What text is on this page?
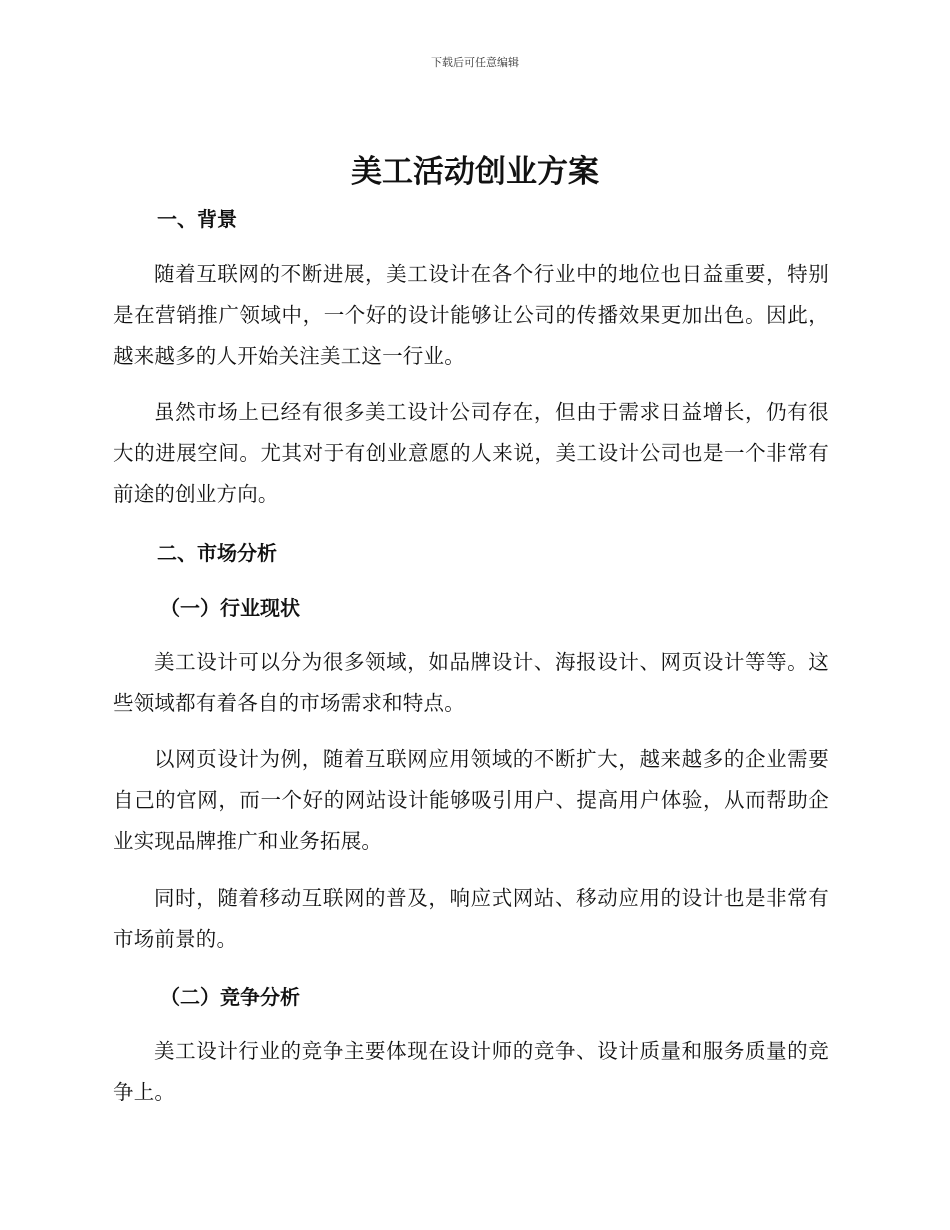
下载后可任意编辑
美工活动创业方案
一、背景

随着互联网的不断进展，美工设计在各个行业中的地位也日益重要，特别是在营销推广领域中，一个好的设计能够让公司的传播效果更加出色。因此，越来越多的人开始关注美工这一行业。

虽然市场上已经有很多美工设计公司存在，但由于需求日益增长，仍有很大的进展空间。尤其对于有创业意愿的人来说，美工设计公司也是一个非常有前途的创业方向。

二、市场分析
（一）行业现状

美工设计可以分为很多领域，如品牌设计、海报设计、网页设计等等。这些领域都有着各自的市场需求和特点。

以网页设计为例，随着互联网应用领域的不断扩大，越来越多的企业需要自己的官网，而一个好的网站设计能够吸引用户、提高用户体验，从而帮助企业实现品牌推广和业务拓展。

同时，随着移动互联网的普及，响应式网站、移动应用的设计也是非常有市场前景的。

（二）竞争分析

美工设计行业的竞争主要体现在设计师的竞争、设计质量和服务质量的竞争上。
